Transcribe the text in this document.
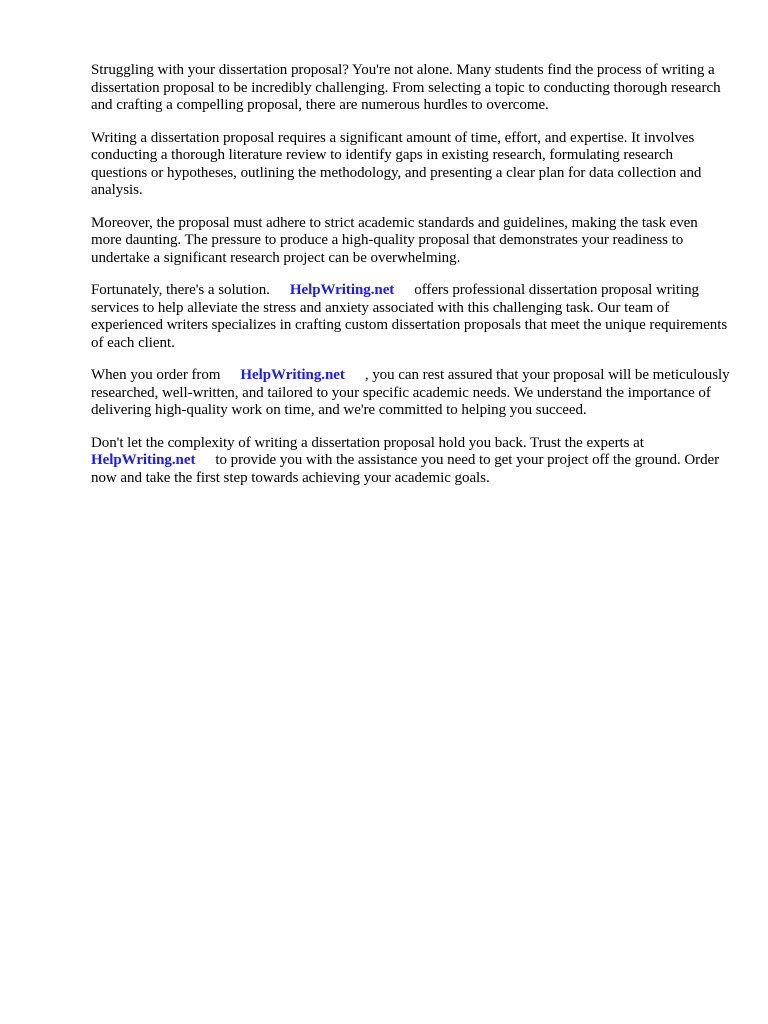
Struggling with your dissertation proposal? You're not alone. Many students find the process of writing a dissertation proposal to be incredibly challenging. From selecting a topic to conducting thorough research and crafting a compelling proposal, there are numerous hurdles to overcome.

Writing a dissertation proposal requires a significant amount of time, effort, and expertise. It involves conducting a thorough literature review to identify gaps in existing research, formulating research questions or hypotheses, outlining the methodology, and presenting a clear plan for data collection and analysis.

Moreover, the proposal must adhere to strict academic standards and guidelines, making the task even more daunting. The pressure to produce a high-quality proposal that demonstrates your readiness to undertake a significant research project can be overwhelming.

Fortunately, there's a solution. HelpWriting.net offers professional dissertation proposal writing services to help alleviate the stress and anxiety associated with this challenging task. Our team of experienced writers specializes in crafting custom dissertation proposals that meet the unique requirements of each client.

When you order from HelpWriting.net , you can rest assured that your proposal will be meticulously researched, well-written, and tailored to your specific academic needs. We understand the importance of delivering high-quality work on time, and we're committed to helping you succeed.

Don't let the complexity of writing a dissertation proposal hold you back. Trust the experts at HelpWriting.net to provide you with the assistance you need to get your project off the ground. Order now and take the first step towards achieving your academic goals.
